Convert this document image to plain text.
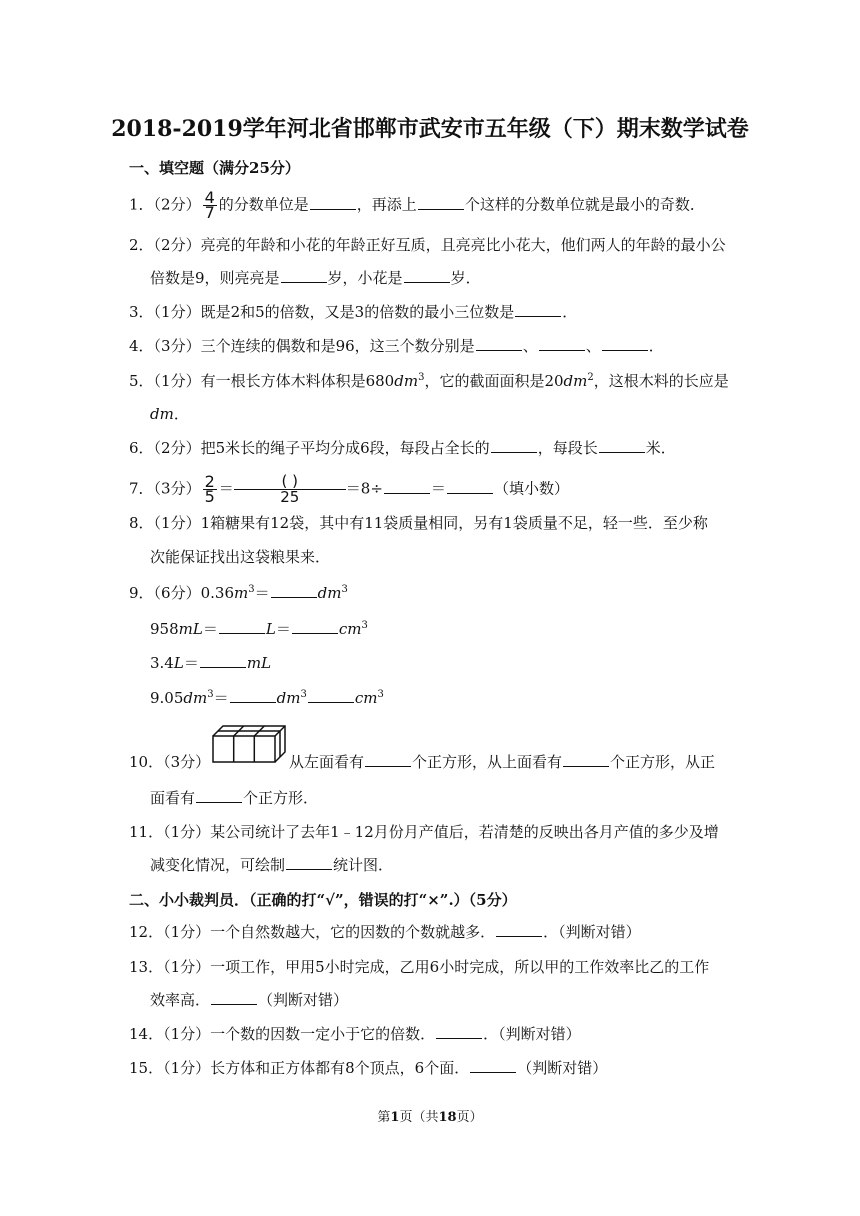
2018-2019学年河北省邯郸市武安市五年级（下）期末数学试卷
一、填空题（满分25分）
1．（2分） $\frac{4}{7}$ 的分数单位是	，再添上	个这样的分数单位就是最小的奇数．
2．（2分）亮亮的年龄和小花的年龄正好互质，且亮亮比小花大，他们两人的年龄的最小公
倍数是9，则亮亮是	岁，小花是	岁．
3．（1分）既是2和5的倍数，又是3的倍数的最小三位数是	．
4．（3分）三个连续的偶数和是96，这三个数分别是	、	、	．
5．（1分）有一根长方体木料体积是$680dm^3$，它的截面面积是$20dm^2$，这根木料的长应是
dm．
6．（2分）把5米长的绳子平均分成6段，每段占全长的	，每段长	米．
7．（3分） $\frac{2}{5}$ ＝	( )
25	＝8÷	＝	（填小数）
8．（1分）1箱糖果有12袋，其中有11袋质量相同，另有1袋质量不足，轻一些．至少称
次能保证找出这袋粮果来．
9．（6分）$0.36m^3=$	$dm^3$
958mL＝	L＝	$cm^3$
3.4L＝	mL
$9.05dm^3=$	$dm^3$	$cm^3$
10．（3分）	从左面看有	个正方形，从上面看有	个正方形，从正
面看有	个正方形．
11．（1分）某公司统计了去年1﹣12月份月产值后，若清楚的反映出各月产值的多少及增
减变化情况，可绘制	统计图．
二、小小裁判员．（正确的打“√”，错误的打“×”.）（5分）
12．（1分）一个自然数越大，它的因数的个数就越多．	．（判断对错）
13．（1分）一项工作，甲用5小时完成，乙用6小时完成，所以甲的工作效率比乙的工作
效率高．	（判断对错）
14．（1分）一个数的因数一定小于它的倍数．	．（判断对错）
15．（1分）长方体和正方体都有8个顶点，6个面．	（判断对错）
第1页（共18页）
